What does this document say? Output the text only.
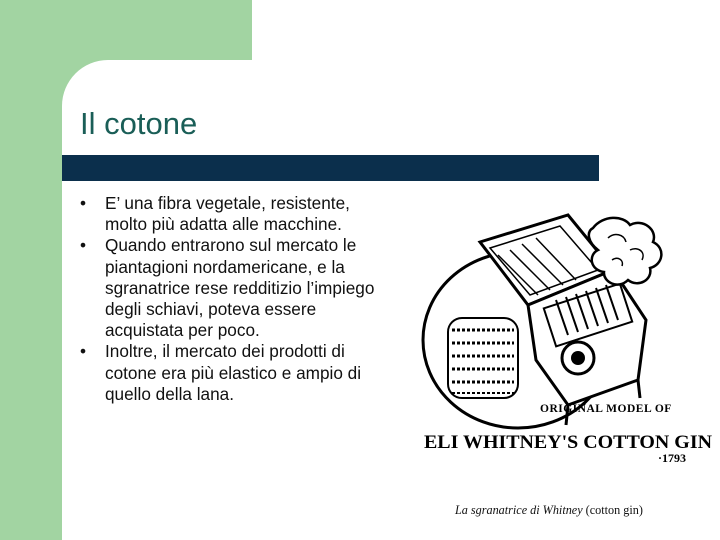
Il cotone
• E’ una fibra vegetale, resistente, molto più adatta alle macchine.
• Quando entrarono sul mercato le piantagioni nordamericane, e la sgranatrice rese redditizio l’impiego degli schiavi, poteva essere acquistata per poco.
• Inoltre, il mercato dei prodotti di cotone era più elastico e ampio di quello della lana.
ORIGINAL MODEL OF
ELI WHITNEY'S COTTON GIN
·1793
La sgranatrice di Whitney (cotton gin)
